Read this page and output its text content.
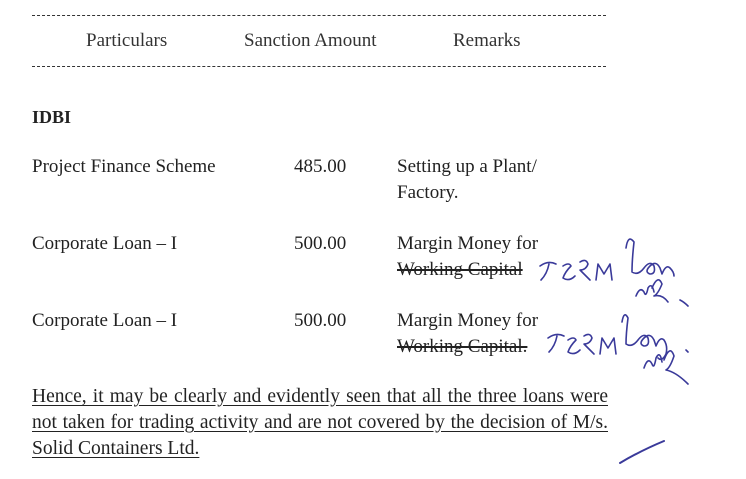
Particulars	Sanction Amount	Remarks
IDBI
Project Finance Scheme	485.00	Setting up a Plant/
Factory.
Corporate Loan – I	500.00	Margin Money for
Working Capital
Corporate Loan – I	500.00	Margin Money for
Working Capital.
Hence, it may be clearly and evidently seen that all the three loans were not taken for trading activity and are not covered by the decision of M/s. Solid Containers Ltd.
